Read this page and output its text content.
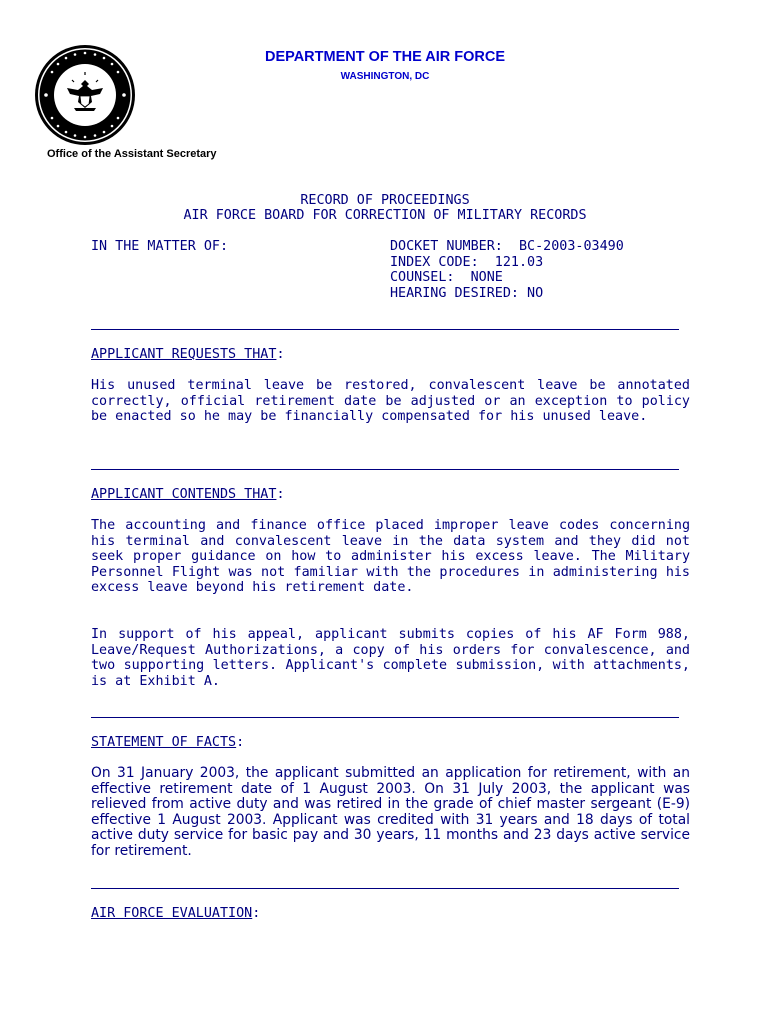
DEPARTMENT OF THE AIR FORCE
WASHINGTON, DC
Office of the Assistant Secretary
RECORD OF PROCEEDINGS
AIR FORCE BOARD FOR CORRECTION OF MILITARY RECORDS
IN THE MATTER OF:	DOCKET NUMBER:  BC-2003-03490
INDEX CODE:  121.03
COUNSEL:  NONE
HEARING DESIRED: NO
APPLICANT REQUESTS THAT:
His unused terminal leave be restored, convalescent leave be annotated correctly, official retirement date be adjusted or an exception to policy be enacted so he may be financially compensated for his unused leave.
APPLICANT CONTENDS THAT:
The accounting and finance office placed improper leave codes concerning his terminal and convalescent leave in the data system and they did not seek proper guidance on how to administer his excess leave. The Military Personnel Flight was not familiar with the procedures in administering his excess leave beyond his retirement date.
In support of his appeal, applicant submits copies of his AF Form 988, Leave/Request Authorizations, a copy of his orders for convalescence, and two supporting letters. Applicant's complete submission, with attachments, is at Exhibit A.
STATEMENT OF FACTS:
On 31 January 2003, the applicant submitted an application for retirement, with an effective retirement date of 1 August 2003. On 31 July 2003, the applicant was relieved from active duty and was retired in the grade of chief master sergeant (E-9) effective 1 August 2003. Applicant was credited with 31 years and 18 days of total active duty service for basic pay and 30 years, 11 months and 23 days active service for retirement.
AIR FORCE EVALUATION:
